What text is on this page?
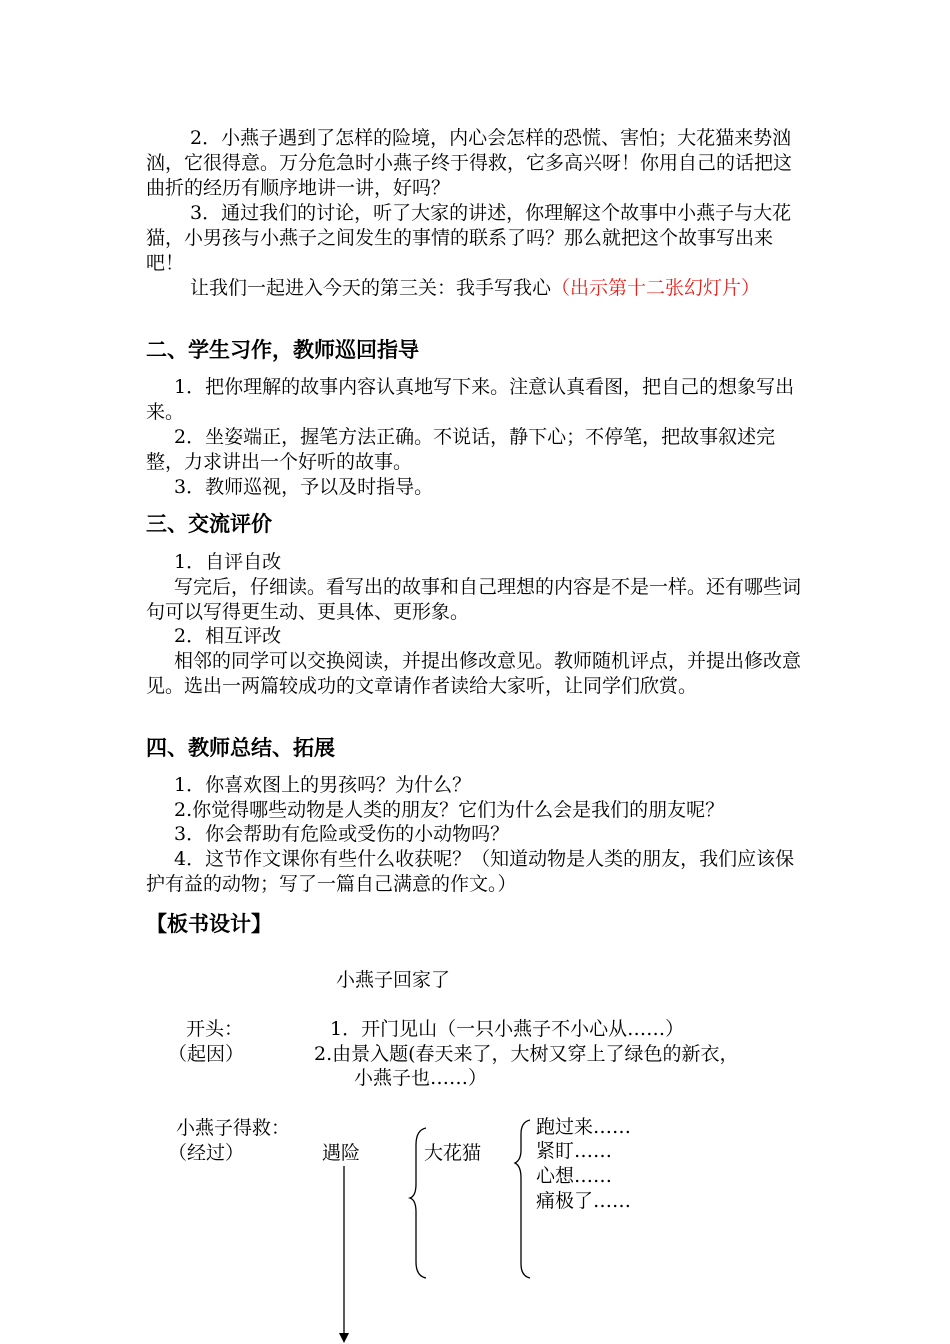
2．小燕子遇到了怎样的险境，内心会怎样的恐慌、害怕；大花猫来势汹汹，它很得意。万分危急时小燕子终于得救，它多高兴呀！你用自己的话把这曲折的经历有顺序地讲一讲，好吗？

3．通过我们的讨论，听了大家的讲述，你理解这个故事中小燕子与大花猫，小男孩与小燕子之间发生的事情的联系了吗？那么就把这个故事写出来吧！

让我们一起进入今天的第三关：我手写我心（出示第十二张幻灯片）

二、学生习作，教师巡回指导

1．把你理解的故事内容认真地写下来。注意认真看图，把自己的想象写出来。

2．坐姿端正，握笔方法正确。不说话，静下心；不停笔，把故事叙述完整，力求讲出一个好听的故事。

3．教师巡视，予以及时指导。

三、交流评价

1．自评自改

写完后，仔细读。看写出的故事和自己理想的内容是不是一样。还有哪些词句可以写得更生动、更具体、更形象。

2．相互评改

相邻的同学可以交换阅读，并提出修改意见。教师随机评点，并提出修改意见。选出一两篇较成功的文章请作者读给大家听，让同学们欣赏。

四、教师总结、拓展

1．你喜欢图上的男孩吗？为什么？

2.你觉得哪些动物是人类的朋友？它们为什么会是我们的朋友呢？

3．你会帮助有危险或受伤的小动物吗？

4．这节作文课你有些什么收获呢？（知道动物是人类的朋友，我们应该保护有益的动物；写了一篇自己满意的作文。）

【板书设计】
小燕子回家了
开头：
（起因）
1．开门见山（一只小燕子不小心从……）
2.由景入题(春天来了，大树又穿上了绿色的新衣，
小燕子也……）
小燕子得救：
（经过）	遇险	大花猫
跑过来……
紧盯……
心想……
痛极了……
